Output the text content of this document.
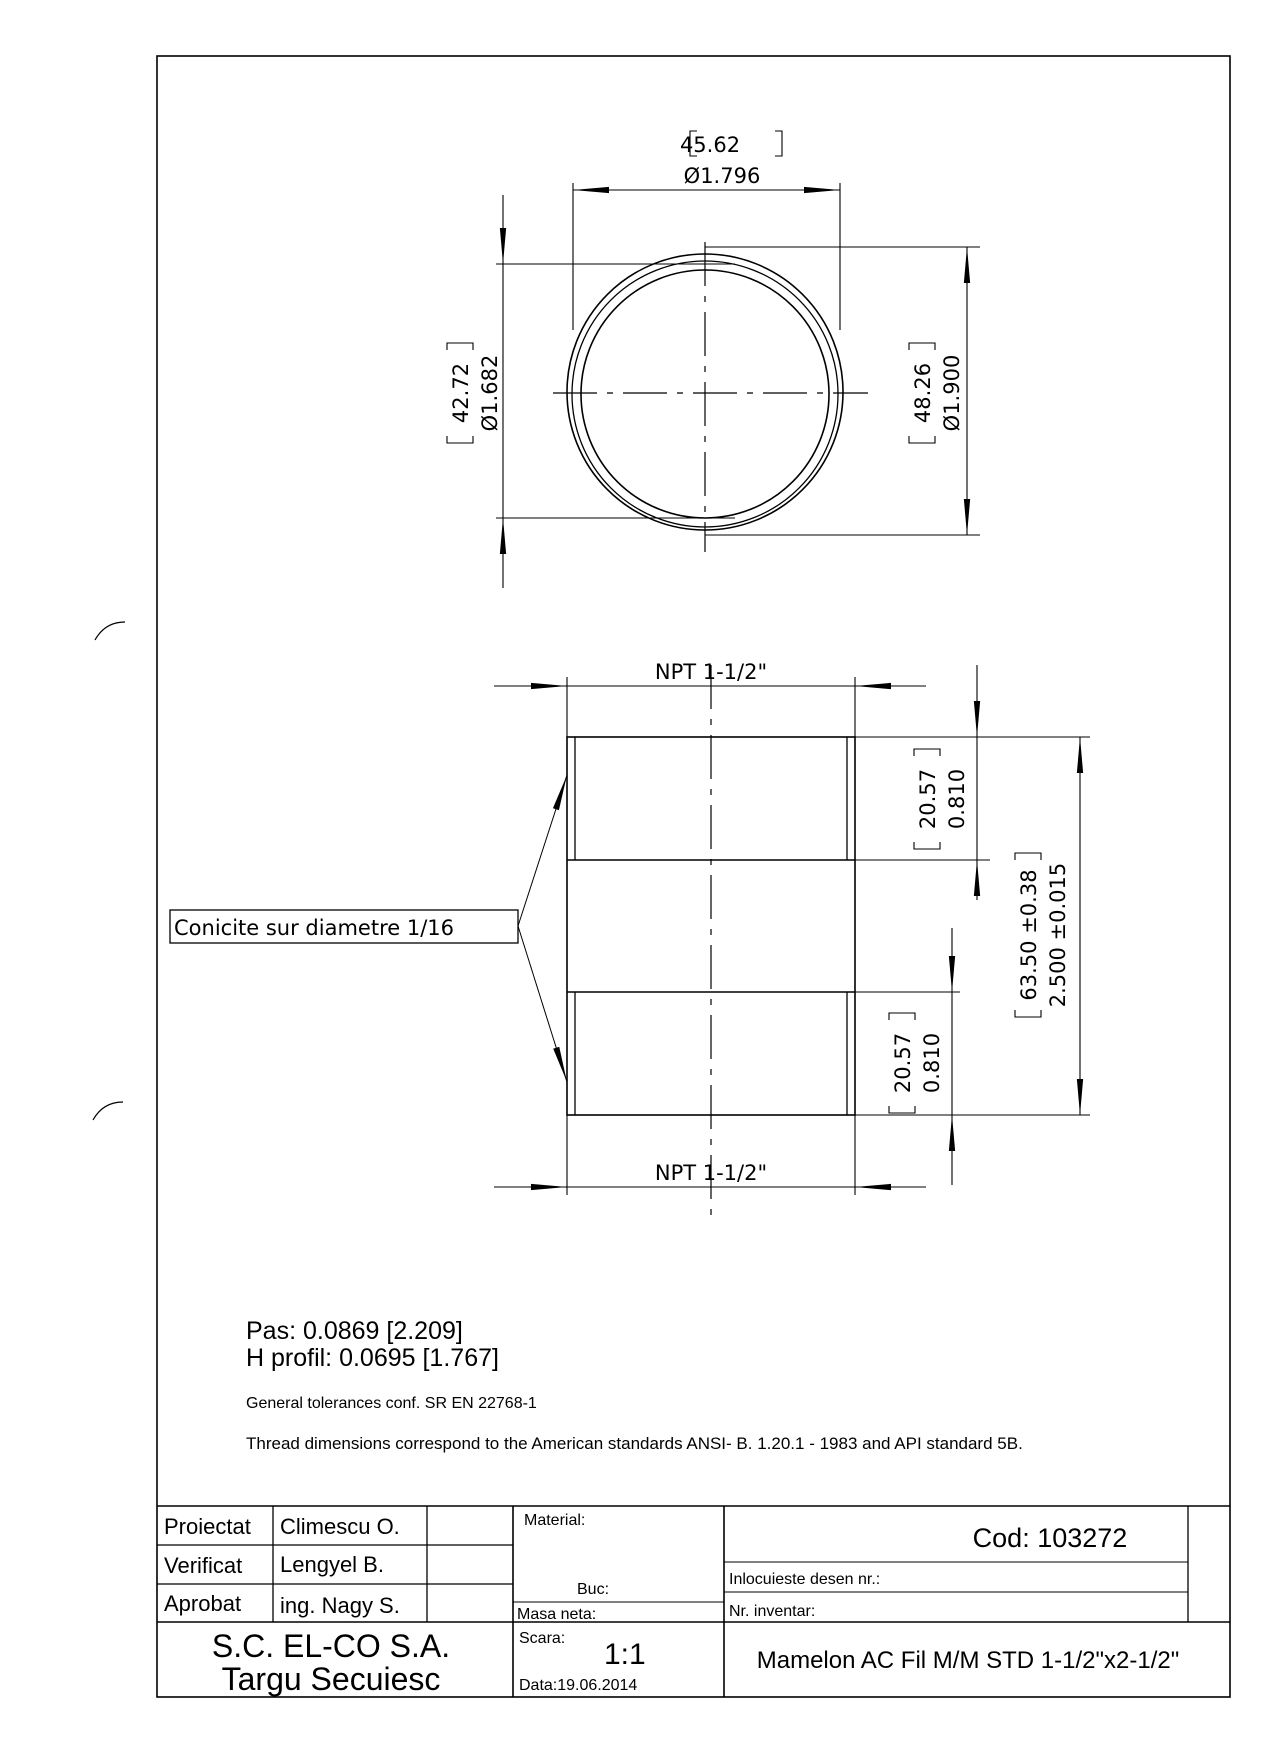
45.62
Ø1.796
42.72 Ø1.682	48.26 Ø1.900
NPT 1-1/2"
NPT 1-1/2"
Conicite sur diametre 1/16
20.57 0.810
20.57 0.810
63.50 ±0.38 2.500 ±0.015
Pas: 0.0869 [2.209]
H profil: 0.0695 [1.767]
General tolerances conf. SR EN 22768-1
Thread dimensions correspond to the American standards ANSI- B. 1.20.1 - 1983 and API standard 5B.
Proiectat Climescu O.
Verificat Lengyel B.
Aprobat ing. Nagy S.
Material:
Buc:
Masa neta:
Cod: 103272
Inlocuieste desen nr.:
Nr. inventar:
S.C. EL-CO S.A.
Targu Secuiesc
Scara: 1:1
Data:19.06.2014
Mamelon AC Fil M/M STD 1-1/2"x2-1/2"
